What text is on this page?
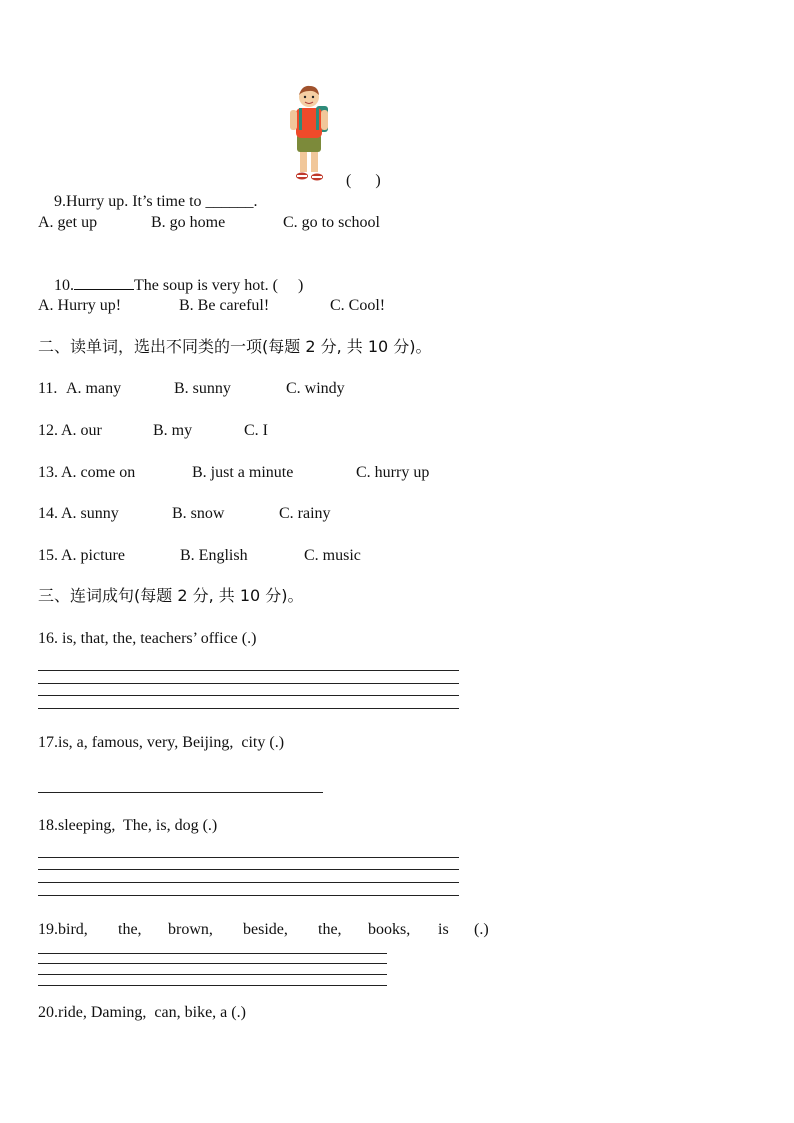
9.Hurry up. It’s time to ______.

(      )

A. get up

	B. go home

	C. go to school

10.	The soup is very hot. (     )

A. Hurry up!

	B. Be careful!

	C. Cool!

二、读单词，选出不同类的一项(每题 2 分, 共 10 分)。

11.

A. many

	B. sunny

	C. windy

12.

A. our

	B. my

	C. I

13.

A. come on

	B. just a minute

	C. hurry up

14.

A. sunny

	B. snow

	C. rainy

15.

A. picture

	B. English

	C. music

三、连词成句(每题 2 分, 共 10 分)。
16. is, that, the, teachers’ office (.)
17.is, a, famous, very, Beijing,  city (.)
18.sleeping,  The, is, dog (.)

19.bird,

the,

brown,

beside,

the,

books,

is

(.)

20.ride, Daming,  can, bike, a (.)
